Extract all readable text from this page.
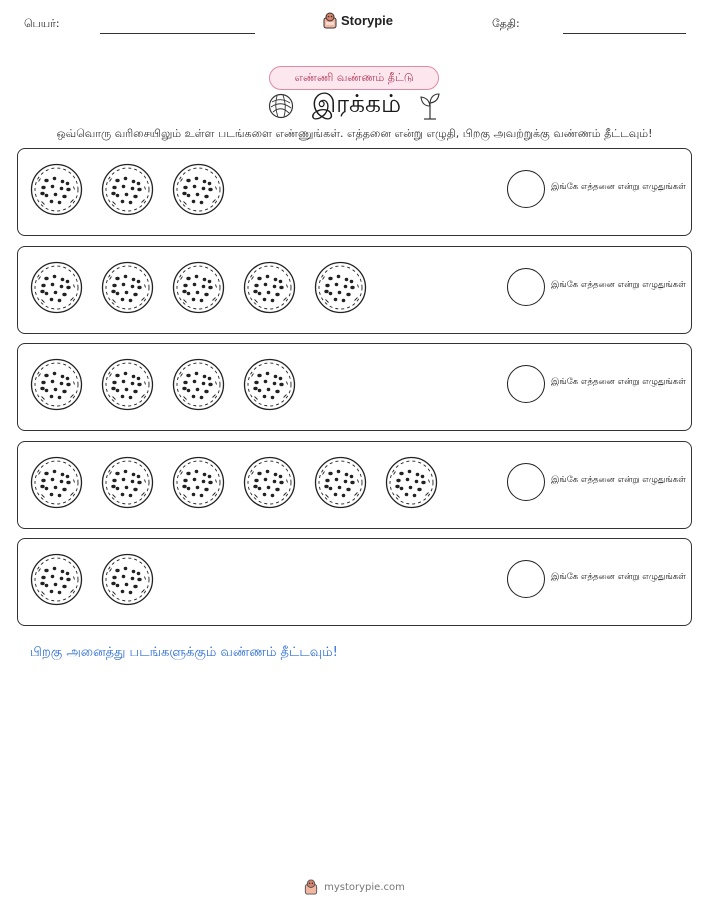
பெயர்:	Storypie	தேதி:
எண்ணி வண்ணம் தீட்டு
இரக்கம்
ஒவ்வொரு வரிசையிலும் உள்ள படங்களை எண்ணுங்கள். எத்தனை என்று எழுதி, பிறகு அவற்றுக்கு வண்ணம் தீட்டவும்!
இங்கே எத்தனை என்று எழுதுங்கள்
இங்கே எத்தனை என்று எழுதுங்கள்
இங்கே எத்தனை என்று எழுதுங்கள்
இங்கே எத்தனை என்று எழுதுங்கள்
இங்கே எத்தனை என்று எழுதுங்கள்
பிறகு அனைத்து படங்களுக்கும் வண்ணம் தீட்டவும்!
mystorypie.com
